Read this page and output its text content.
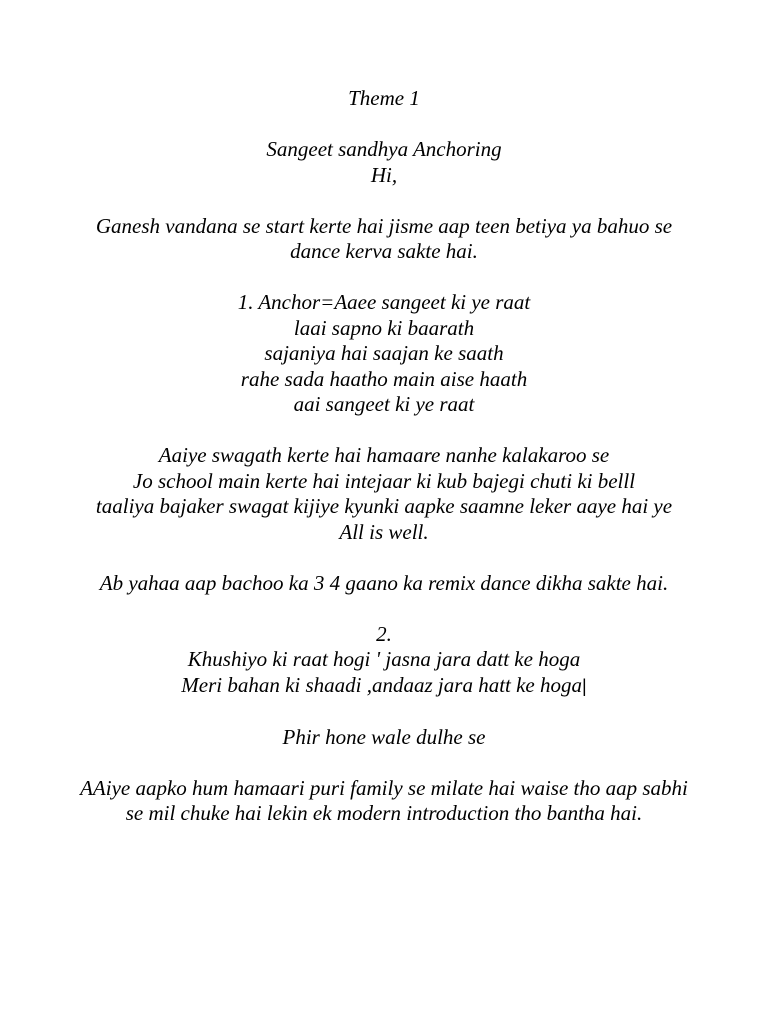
Theme 1
Sangeet sandhya Anchoring
Hi,
Ganesh vandana se start kerte hai jisme aap teen betiya ya bahuo se dance kerva sakte hai.
1. Anchor=Aaee sangeet ki ye raat
laai sapno ki baarath
sajaniya hai saajan ke saath
rahe sada haatho main aise haath
aai sangeet ki ye raat
Aaiye swagath kerte hai hamaare nanhe kalakaroo se
Jo school main kerte hai intejaar ki kub bajegi chuti ki belll
taaliya bajaker swagat kijiye kyunki aapke saamne leker aaye hai ye
All is well.
Ab yahaa aap bachoo ka 3 4 gaano ka remix dance dikha sakte hai.
2.
Khushiyo ki raat hogi ' jasna jara datt ke hoga
Meri bahan ki shaadi ,andaaz jara hatt ke hoga|
Phir hone wale dulhe se
AAiye aapko hum hamaari puri family se milate hai waise tho aap sabhi se mil chuke hai lekin ek modern introduction tho bantha hai.
